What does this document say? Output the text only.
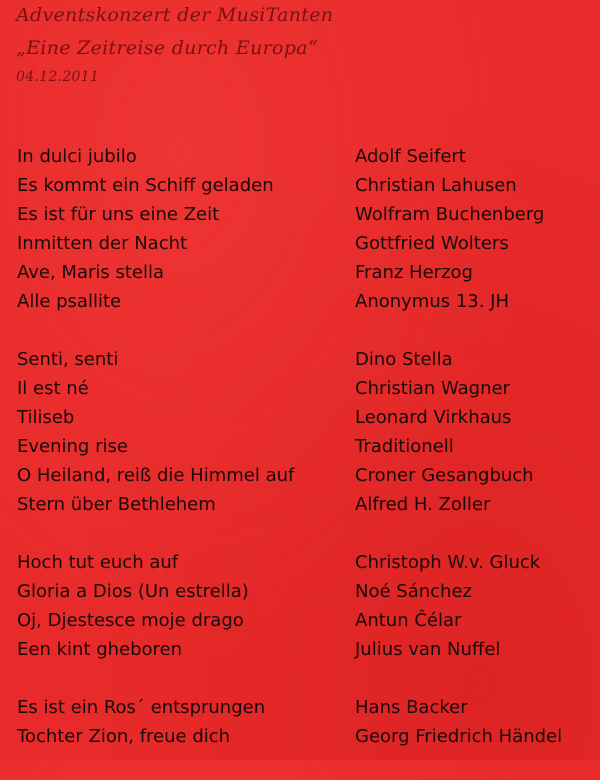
Adventskonzert der MusiTanten
„Eine Zeitreise durch Europa“
04.12.2011
In dulci jubilo	Adolf Seifert
Es kommt ein Schiff geladen	Christian Lahusen
Es ist für uns eine Zeit	Wolfram Buchenberg
Inmitten der Nacht	Gottfried Wolters
Ave, Maris stella	Franz Herzog
Alle psallite	Anonymus 13. JH
Senti, senti	Dino Stella
Il est né	Christian Wagner
Tiliseb	Leonard Virkhaus
Evening rise	Traditionell
O Heiland, reiß die Himmel auf	Croner Gesangbuch
Stern über Bethlehem	Alfred H. Zoller
Hoch tut euch auf	Christoph W.v. Gluck
Gloria a Dios (Un estrella)	Noé Sánchez
Oj, Djestesce moje drago	Antun Ĉélar
Een kint gheboren	Julius van Nuffel
Es ist ein Ros´ entsprungen	Hans Backer
Tochter Zion, freue dich	Georg Friedrich Händel
